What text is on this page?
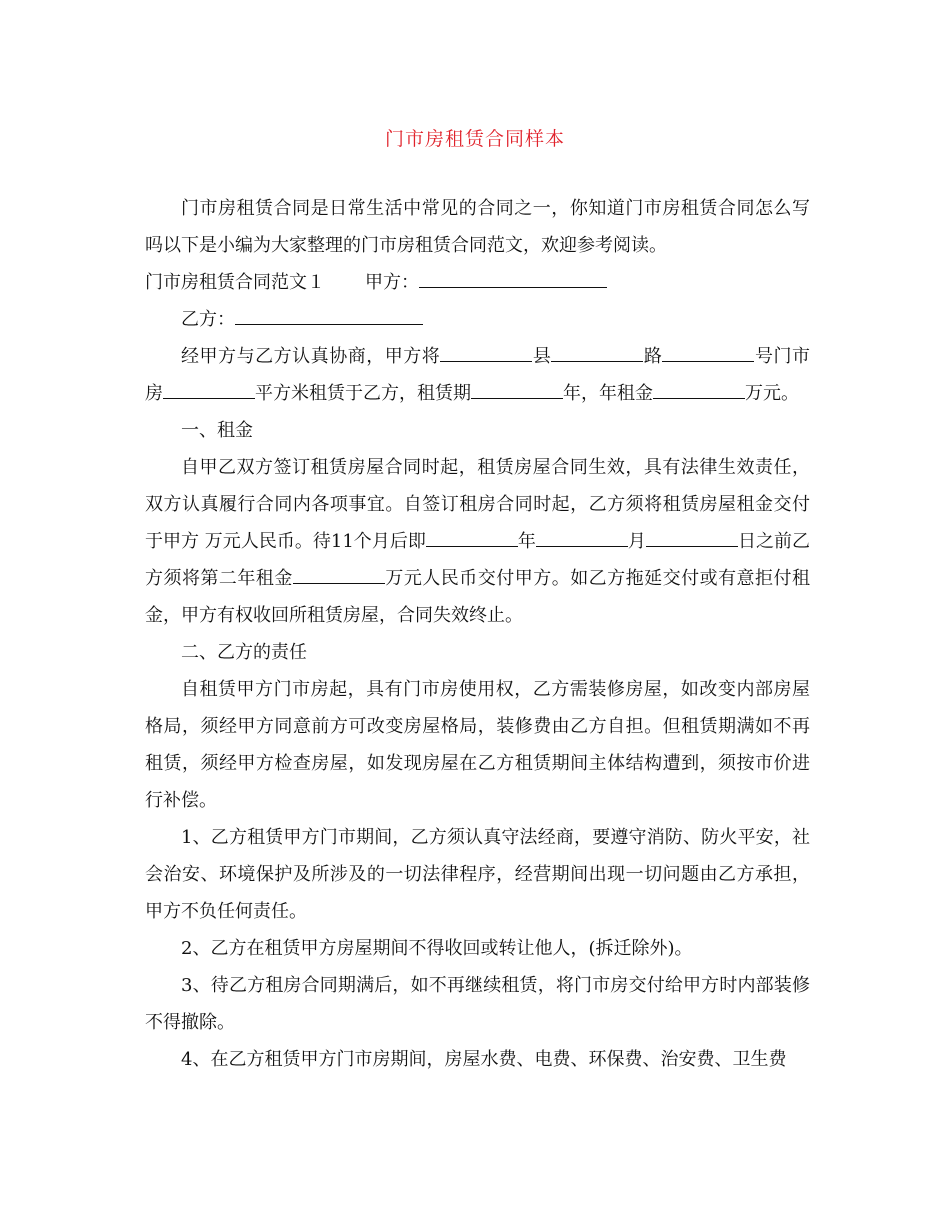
门市房租赁合同样本

门市房租赁合同是日常生活中常见的合同之一，你知道门市房租赁合同怎么写吗以下是小编为大家整理的门市房租赁合同范文，欢迎参考阅读。

门市房租赁合同范文１ 甲方：

乙方：

经甲方与乙方认真协商，甲方将	县	路	号门市房	平方米租赁于乙方，租赁期	年，年租金	万元。

一、租金

自甲乙双方签订租赁房屋合同时起，租赁房屋合同生效，具有法律生效责任，双方认真履行合同内各项事宜。自签订租房合同时起，乙方须将租赁房屋租金交付于甲方 万元人民币。待11个月后即	年	月	日之前乙方须将第二年租金	万元人民币交付甲方。如乙方拖延交付或有意拒付租金，甲方有权收回所租赁房屋，合同失效终止。

二、乙方的责任

自租赁甲方门市房起，具有门市房使用权，乙方需装修房屋，如改变内部房屋格局，须经甲方同意前方可改变房屋格局，装修费由乙方自担。但租赁期满如不再租赁，须经甲方检查房屋，如发现房屋在乙方租赁期间主体结构遭到，须按市价进行补偿。

1、乙方租赁甲方门市期间，乙方须认真守法经商，要遵守消防、防火平安，社会治安、环境保护及所涉及的一切法律程序，经营期间出现一切问题由乙方承担，甲方不负任何责任。

2、乙方在租赁甲方房屋期间不得收回或转让他人，(拆迁除外)。

3、待乙方租房合同期满后，如不再继续租赁，将门市房交付给甲方时内部装修不得撤除。

4、在乙方租赁甲方门市房期间，房屋水费、电费、环保费、治安费、卫生费
